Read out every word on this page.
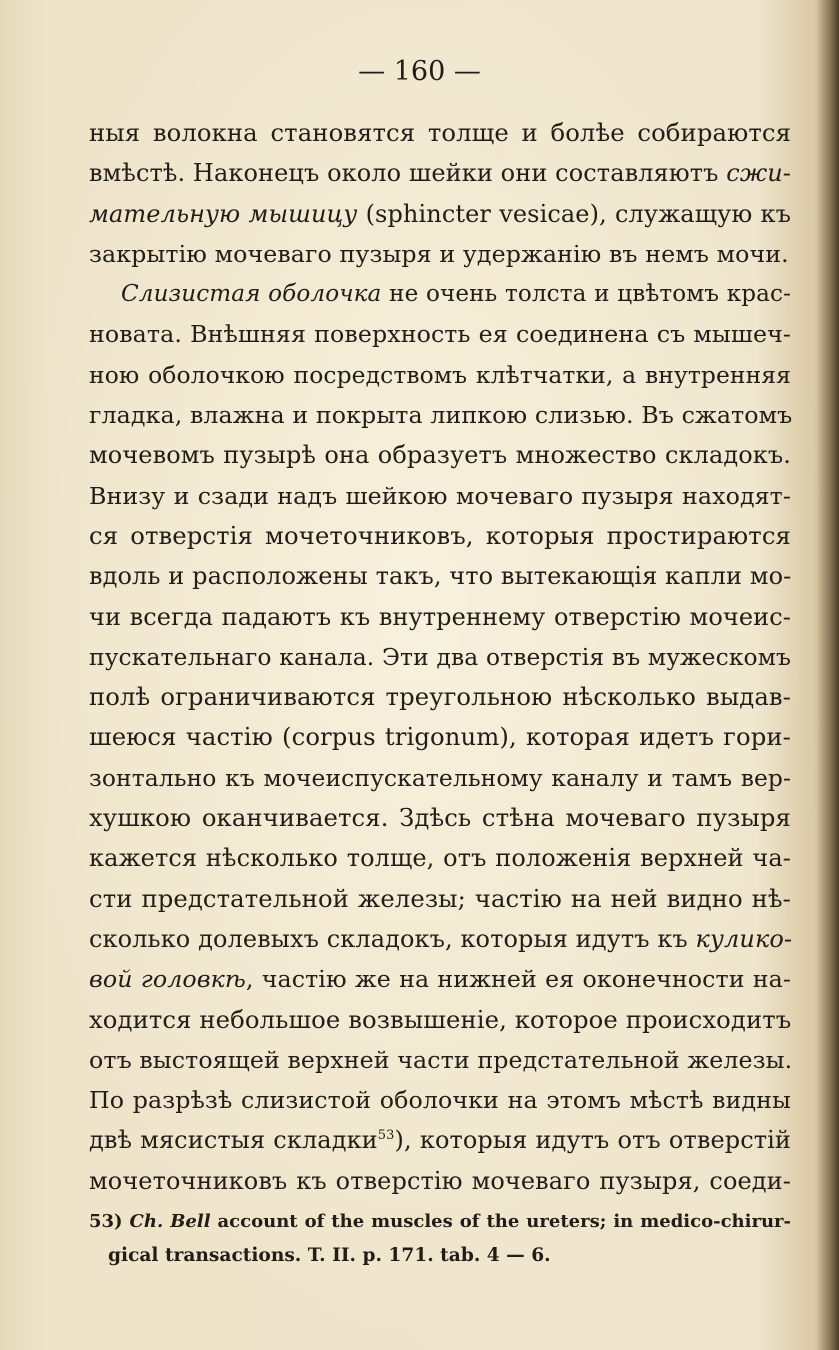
— 160 —
ныя волокна становятся толще и болѣе собираются
вмѣстѣ. Наконецъ около шейки они составляютъ сжи-
мательную мышицу (sphincter vesicae), служащую къ
закрытію мочеваго пузыря и удержанію въ немъ мочи.
Слизистая оболочка не очень толста и цвѣтомъ крас-
новата. Внѣшняя поверхность ея соединена съ мышеч-
ною оболочкою посредствомъ клѣтчатки, а внутренняя
гладка, влажна и покрыта липкою слизью. Въ сжатомъ
мочевомъ пузырѣ она образуетъ множество складокъ.
Внизу и сзади надъ шейкою мочеваго пузыря находят-
ся отверстія мочеточниковъ, которыя простираются
вдоль и расположены такъ, что вытекающія капли мо-
чи всегда падаютъ къ внутреннему отверстію мочеис-
пускательнаго канала. Эти два отверстія въ мужескомъ
полѣ ограничиваются треугольною нѣсколько выдав-
шеюся частію (corpus trigonum), которая идетъ гори-
зонтально къ мочеиспускательному каналу и тамъ вер-
хушкою оканчивается. Здѣсь стѣна мочеваго пузыря
кажется нѣсколько толще, отъ положенія верхней ча-
сти предстательной железы; частію на ней видно нѣ-
сколько долевыхъ складокъ, которыя идутъ къ кулико-
вой головкѣ, частію же на нижней ея оконечности на-
ходится небольшое возвышеніе, которое происходитъ
отъ выстоящей верхней части предстательной железы.
По разрѣзѣ слизистой оболочки на этомъ мѣстѣ видны
двѣ мясистыя складки$^{53}$), которыя идутъ отъ отверстій
мочеточниковъ къ отверстію мочеваго пузыря, соеди-
53) Ch. Bell account of the muscles of the ureters; in medico-chirur-
gical transactions. T. II. p. 171. tab. 4 — 6.
